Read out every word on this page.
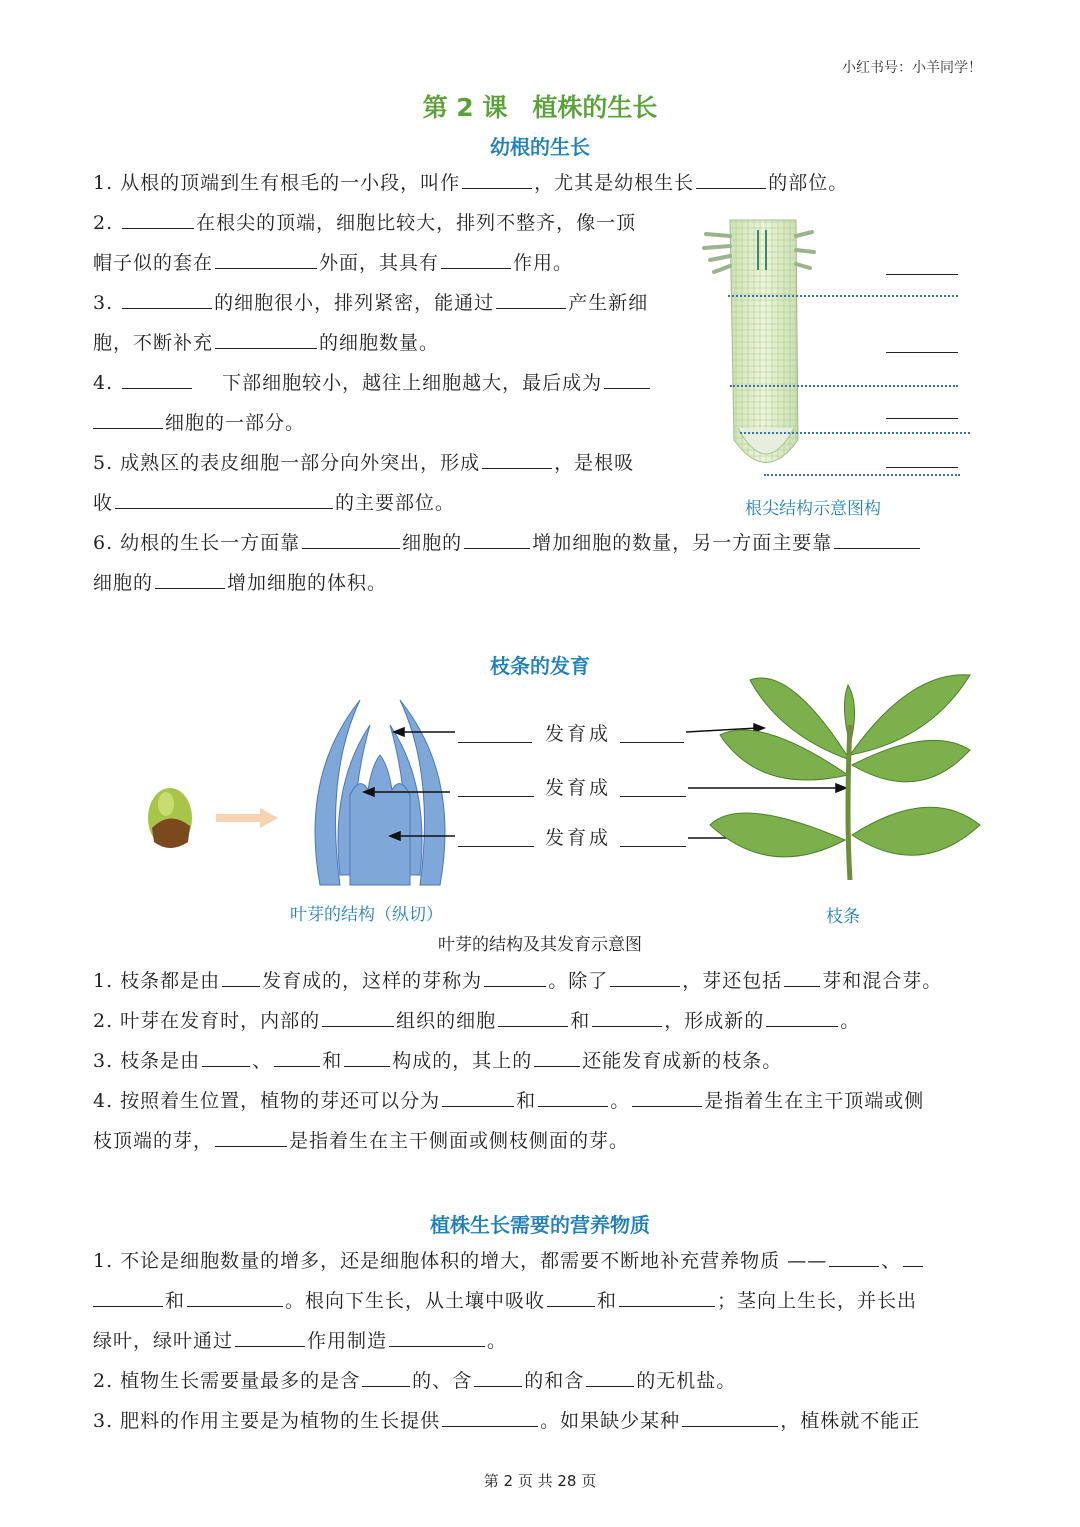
小红书号：小羊同学！
第 2 课　植株的生长
幼根的生长
1. 从根的顶端到生有根毛的一小段，叫作	，尤其是幼根生长	的部位。
2.	在根尖的顶端，细胞比较大，排列不整齐，像一顶
帽子似的套在	外面，其具有	作用。
3.	的细胞很小，排列紧密，能通过	产生新细
胞，不断补充	的细胞数量。
4.	下部细胞较小，越往上细胞越大，最后成为
细胞的一部分。
5. 成熟区的表皮细胞一部分向外突出，形成	，是根吸
收	的主要部位。
6. 幼根的生长一方面靠	细胞的	增加细胞的数量，另一方面主要靠
细胞的	增加细胞的体积。
根尖结构示意图构
枝条的发育
发育成
发育成
发育成
叶芽的结构（纵切）	枝条
叶芽的结构及其发育示意图
1. 枝条都是由 发育成的，这样的芽称为	。除了	，芽还包括 芽和混合芽。
2. 叶芽在发育时，内部的	组织的细胞	和	，形成新的	。
3. 枝条是由	、	和	构成的，其上的	还能发育成新的枝条。
4. 按照着生位置，植物的芽还可以分为	和	。	是指着生在主干顶端或侧
枝顶端的芽，	是指着生在主干侧面或侧枝侧面的芽。
植株生长需要的营养物质
1. 不论是细胞数量的增多，还是细胞体积的增大，都需要不断地补充营养物质 ——	、
和	。根向下生长，从土壤中吸收	和	；茎向上生长，并长出
绿叶，绿叶通过	作用制造	。
2. 植物生长需要量最多的是含	的、含	的和含	的无机盐。
3. 肥料的作用主要是为植物的生长提供	。如果缺少某种	，植株就不能正
第 2 页 共 28 页
